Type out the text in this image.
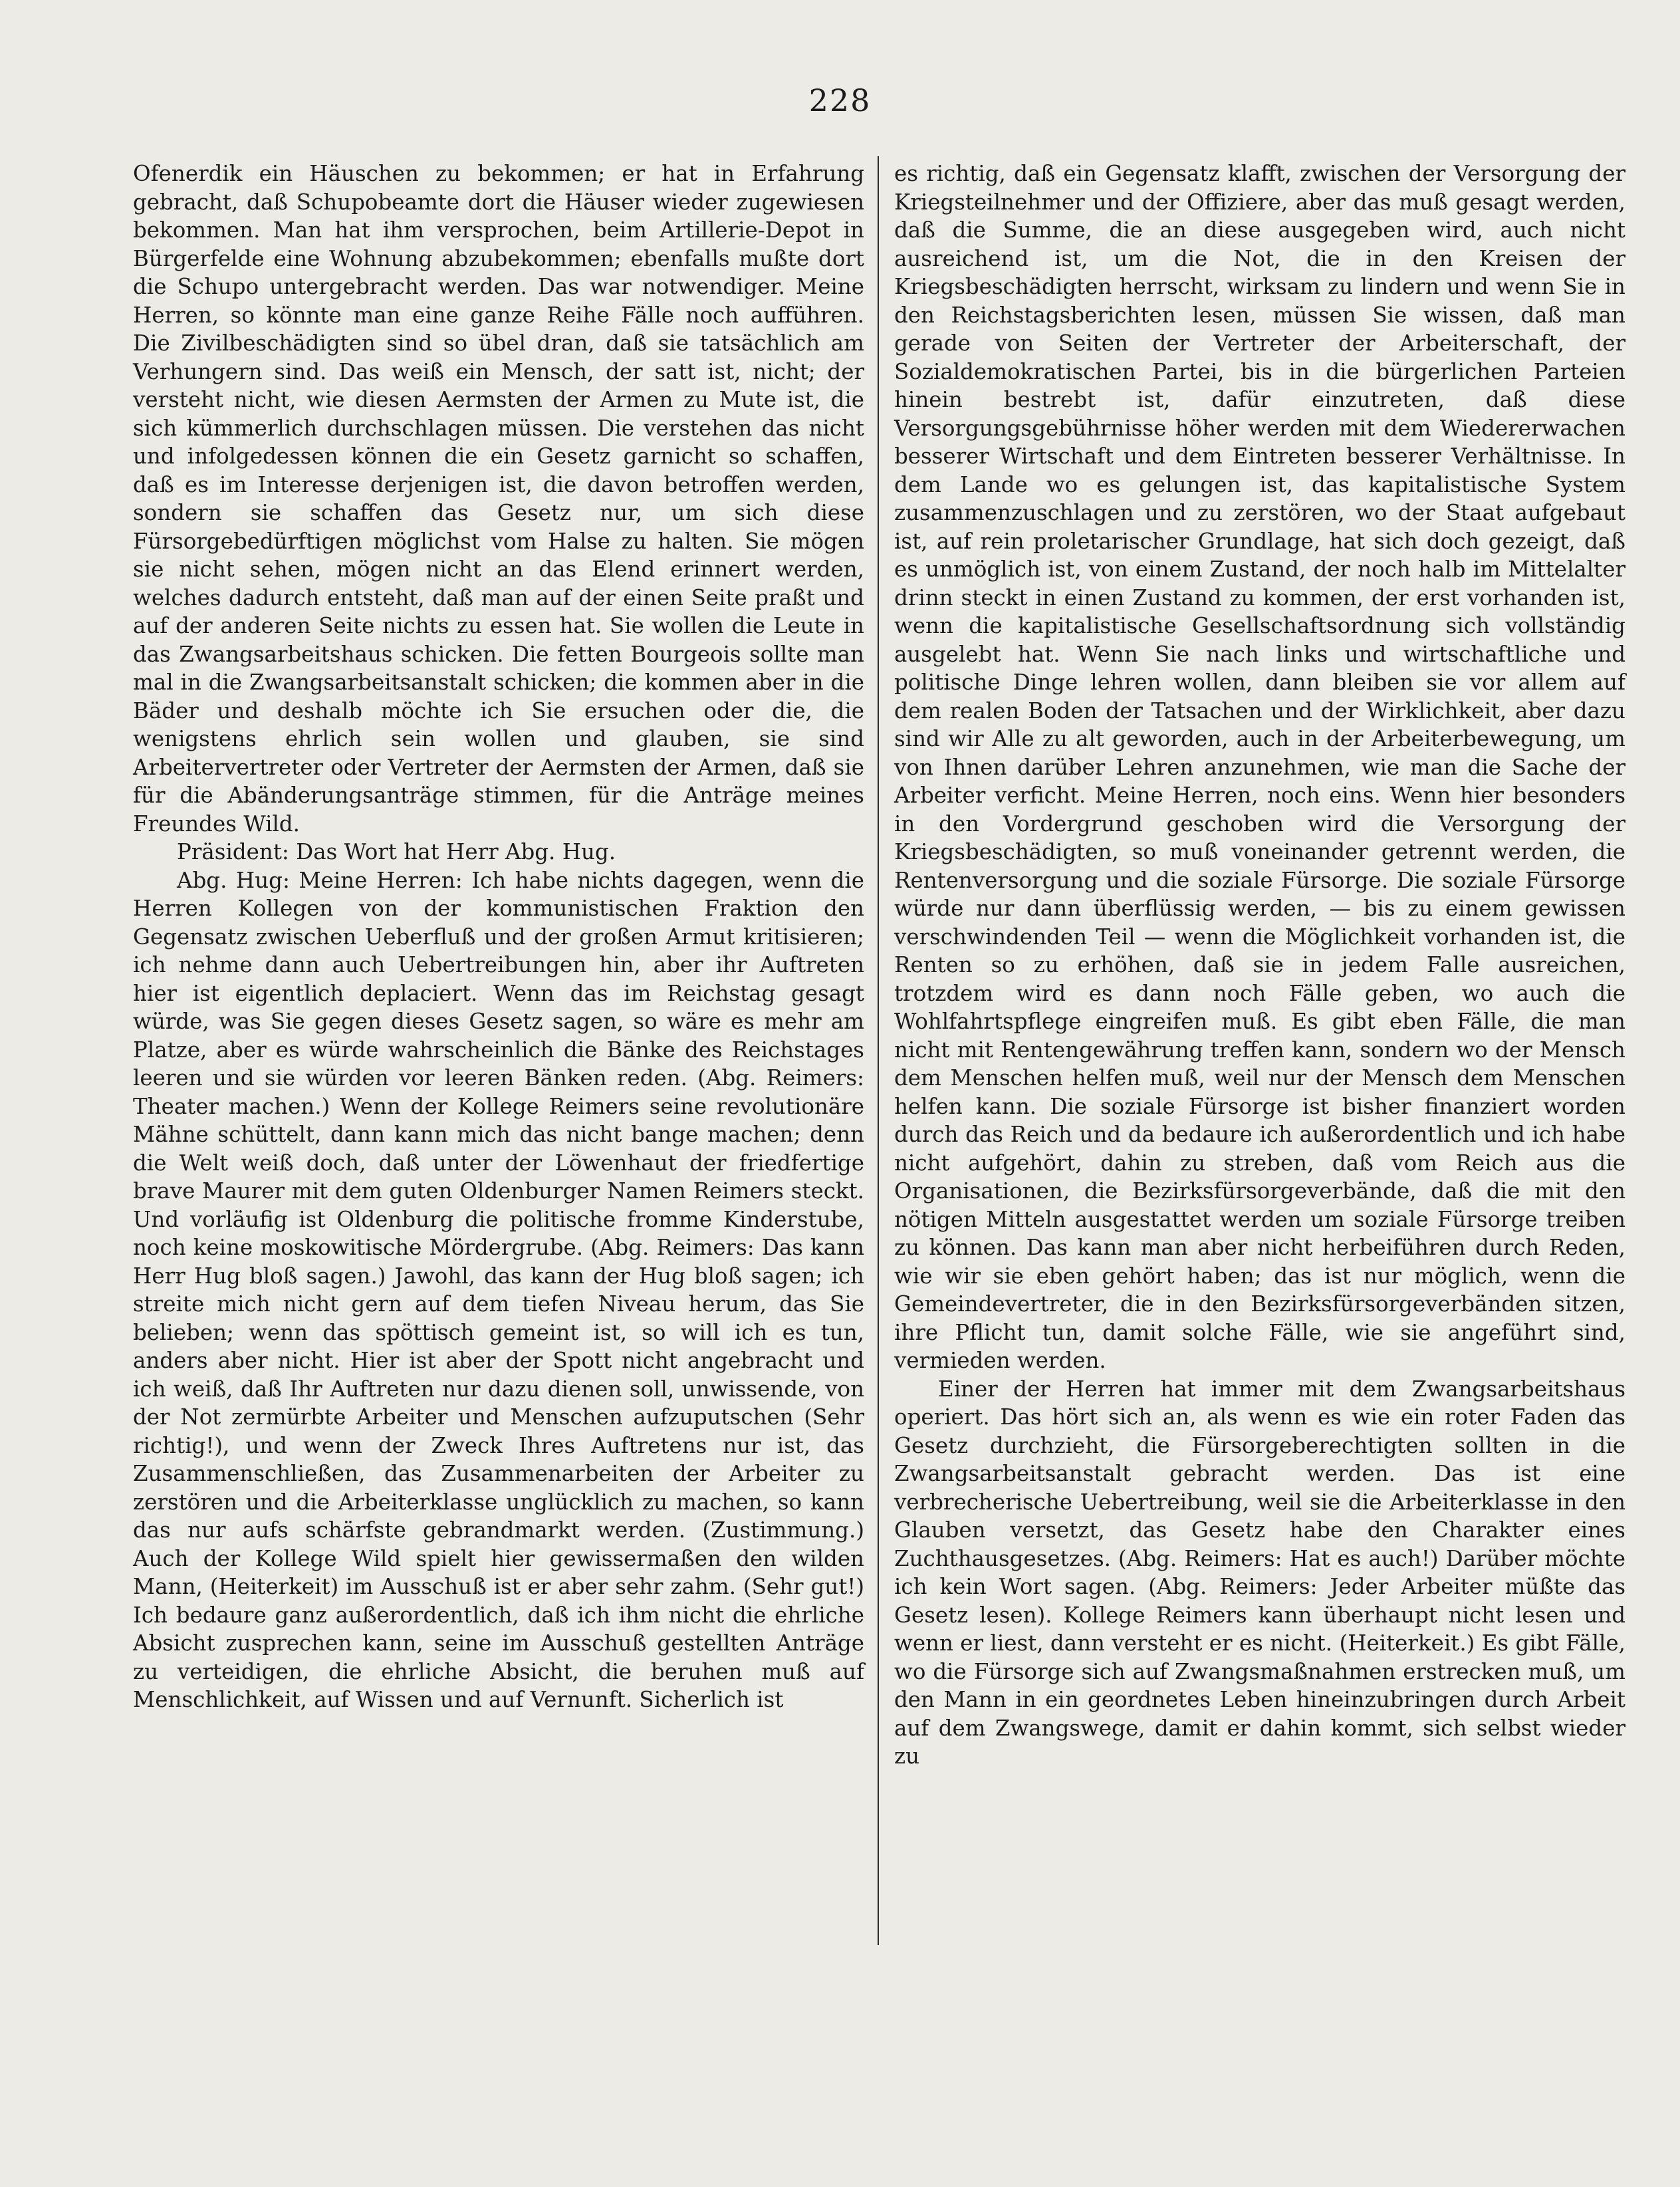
228

Ofenerdik ein Häuschen zu bekommen; er hat in Erfahrung gebracht, daß Schupobeamte dort die Häuser wieder zugewiesen bekommen. Man hat ihm versprochen, beim Artillerie-Depot in Bürgerfelde eine Wohnung abzubekommen; ebenfalls mußte dort die Schupo untergebracht werden. Das war notwendiger. Meine Herren, so könnte man eine ganze Reihe Fälle noch aufführen. Die Zivilbeschädigten sind so übel dran, daß sie tatsächlich am Verhungern sind. Das weiß ein Mensch, der satt ist, nicht; der versteht nicht, wie diesen Aermsten der Armen zu Mute ist, die sich kümmerlich durchschlagen müssen. Die verstehen das nicht und infolgedessen können die ein Gesetz garnicht so schaffen, daß es im Interesse derjenigen ist, die davon betroffen werden, sondern sie schaffen das Gesetz nur, um sich diese Fürsorgebedürftigen möglichst vom Halse zu halten. Sie mögen sie nicht sehen, mögen nicht an das Elend erinnert werden, welches dadurch entsteht, daß man auf der einen Seite praßt und auf der anderen Seite nichts zu essen hat. Sie wollen die Leute in das Zwangsarbeitshaus schicken. Die fetten Bourgeois sollte man mal in die Zwangsarbeitsanstalt schicken; die kommen aber in die Bäder und deshalb möchte ich Sie ersuchen oder die, die wenigstens ehrlich sein wollen und glauben, sie sind Arbeitervertreter oder Vertreter der Aermsten der Armen, daß sie für die Abänderungsanträge stimmen, für die Anträge meines Freundes Wild.

Präsident: Das Wort hat Herr Abg. Hug.

Abg. Hug: Meine Herren: Ich habe nichts dagegen, wenn die Herren Kollegen von der kommunistischen Fraktion den Gegensatz zwischen Ueberfluß und der großen Armut kritisieren; ich nehme dann auch Uebertreibungen hin, aber ihr Auftreten hier ist eigentlich deplaciert. Wenn das im Reichstag gesagt würde, was Sie gegen dieses Gesetz sagen, so wäre es mehr am Platze, aber es würde wahrscheinlich die Bänke des Reichstages leeren und sie würden vor leeren Bänken reden. (Abg. Reimers: Theater machen.) Wenn der Kollege Reimers seine revolutionäre Mähne schüttelt, dann kann mich das nicht bange machen; denn die Welt weiß doch, daß unter der Löwenhaut der friedfertige brave Maurer mit dem guten Oldenburger Namen Reimers steckt. Und vorläufig ist Oldenburg die politische fromme Kinderstube, noch keine moskowitische Mördergrube. (Abg. Reimers: Das kann Herr Hug bloß sagen.) Jawohl, das kann der Hug bloß sagen; ich streite mich nicht gern auf dem tiefen Niveau herum, das Sie belieben; wenn das spöttisch gemeint ist, so will ich es tun, anders aber nicht. Hier ist aber der Spott nicht angebracht und ich weiß, daß Ihr Auftreten nur dazu dienen soll, unwissende, von der Not zermürbte Arbeiter und Menschen aufzuputschen (Sehr richtig!), und wenn der Zweck Ihres Auftretens nur ist, das Zusammenschließen, das Zusammenarbeiten der Arbeiter zu zerstören und die Arbeiterklasse unglücklich zu machen, so kann das nur aufs schärfste gebrandmarkt werden. (Zustimmung.) Auch der Kollege Wild spielt hier gewissermaßen den wilden Mann, (Heiterkeit) im Ausschuß ist er aber sehr zahm. (Sehr gut!) Ich bedaure ganz außerordentlich, daß ich ihm nicht die ehrliche Absicht zusprechen kann, seine im Ausschuß gestellten Anträge zu verteidigen, die ehrliche Absicht, die beruhen muß auf Menschlichkeit, auf Wissen und auf Vernunft. Sicherlich ist

es richtig, daß ein Gegensatz klafft, zwischen der Versorgung der Kriegsteilnehmer und der Offiziere, aber das muß gesagt werden, daß die Summe, die an diese ausgegeben wird, auch nicht ausreichend ist, um die Not, die in den Kreisen der Kriegsbeschädigten herrscht, wirksam zu lindern und wenn Sie in den Reichstagsberichten lesen, müssen Sie wissen, daß man gerade von Seiten der Vertreter der Arbeiterschaft, der Sozialdemokratischen Partei, bis in die bürgerlichen Parteien hinein bestrebt ist, dafür einzutreten, daß diese Versorgungsgebührnisse höher werden mit dem Wiedererwachen besserer Wirtschaft und dem Eintreten besserer Verhältnisse. In dem Lande wo es gelungen ist, das kapitalistische System zusammenzuschlagen und zu zerstören, wo der Staat aufgebaut ist, auf rein proletarischer Grundlage, hat sich doch gezeigt, daß es unmöglich ist, von einem Zustand, der noch halb im Mittelalter drinn steckt in einen Zustand zu kommen, der erst vorhanden ist, wenn die kapitalistische Gesellschaftsordnung sich vollständig ausgelebt hat. Wenn Sie nach links und wirtschaftliche und politische Dinge lehren wollen, dann bleiben sie vor allem auf dem realen Boden der Tatsachen und der Wirklichkeit, aber dazu sind wir Alle zu alt geworden, auch in der Arbeiterbewegung, um von Ihnen darüber Lehren anzunehmen, wie man die Sache der Arbeiter verficht. Meine Herren, noch eins. Wenn hier besonders in den Vordergrund geschoben wird die Versorgung der Kriegsbeschädigten, so muß voneinander getrennt werden, die Rentenversorgung und die soziale Fürsorge. Die soziale Fürsorge würde nur dann überflüssig werden, — bis zu einem gewissen verschwindenden Teil — wenn die Möglichkeit vorhanden ist, die Renten so zu erhöhen, daß sie in jedem Falle ausreichen, trotzdem wird es dann noch Fälle geben, wo auch die Wohlfahrtspflege eingreifen muß. Es gibt eben Fälle, die man nicht mit Rentengewährung treffen kann, sondern wo der Mensch dem Menschen helfen muß, weil nur der Mensch dem Menschen helfen kann. Die soziale Fürsorge ist bisher finanziert worden durch das Reich und da bedaure ich außerordentlich und ich habe nicht aufgehört, dahin zu streben, daß vom Reich aus die Organisationen, die Bezirksfürsorgeverbände, daß die mit den nötigen Mitteln ausgestattet werden um soziale Fürsorge treiben zu können. Das kann man aber nicht herbeiführen durch Reden, wie wir sie eben gehört haben; das ist nur möglich, wenn die Gemeindevertreter, die in den Bezirksfürsorgeverbänden sitzen, ihre Pflicht tun, damit solche Fälle, wie sie angeführt sind, vermieden werden.

Einer der Herren hat immer mit dem Zwangsarbeitshaus operiert. Das hört sich an, als wenn es wie ein roter Faden das Gesetz durchzieht, die Fürsorgeberechtigten sollten in die Zwangsarbeitsanstalt gebracht werden. Das ist eine verbrecherische Uebertreibung, weil sie die Arbeiterklasse in den Glauben versetzt, das Gesetz habe den Charakter eines Zuchthausgesetzes. (Abg. Reimers: Hat es auch!) Darüber möchte ich kein Wort sagen. (Abg. Reimers: Jeder Arbeiter müßte das Gesetz lesen). Kollege Reimers kann überhaupt nicht lesen und wenn er liest, dann versteht er es nicht. (Heiterkeit.) Es gibt Fälle, wo die Fürsorge sich auf Zwangsmaßnahmen erstrecken muß, um den Mann in ein geordnetes Leben hineinzubringen durch Arbeit auf dem Zwangswege, damit er dahin kommt, sich selbst wieder zu
